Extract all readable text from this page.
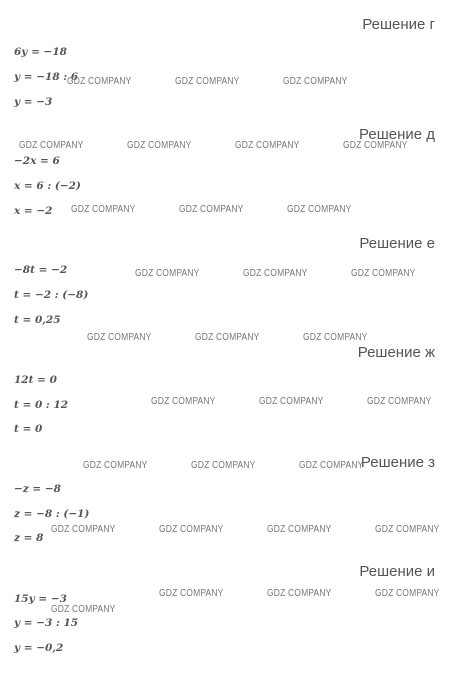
Решение г
6y = −18
y = −18 : 6
y = −3
Решение д
−2x = 6
x = 6 : (−2)
x = −2
Решение е
−8t = −2
t = −2 : (−8)
t = 0,25
Решение ж
12t = 0
t = 0 : 12
t = 0
Решение з
−z = −8
z = −8 : (−1)
z = 8
Решение и
15y = −3
y = −3 : 15
y = −0,2
GDZ COMPANY	GDZ COMPANY	GDZ COMPANY
GDZ COMPANY	GDZ COMPANY	GDZ COMPANY	GDZ COMPANY
GDZ COMPANY	GDZ COMPANY	GDZ COMPANY
GDZ COMPANY	GDZ COMPANY	GDZ COMPANY
GDZ COMPANY	GDZ COMPANY	GDZ COMPANY
GDZ COMPANY	GDZ COMPANY	GDZ COMPANY
GDZ COMPANY	GDZ COMPANY	GDZ COMPANY
GDZ COMPANY	GDZ COMPANY	GDZ COMPANY	GDZ COMPANY
GDZ COMPANY	GDZ COMPANY	GDZ COMPANY
GDZ COMPANY
